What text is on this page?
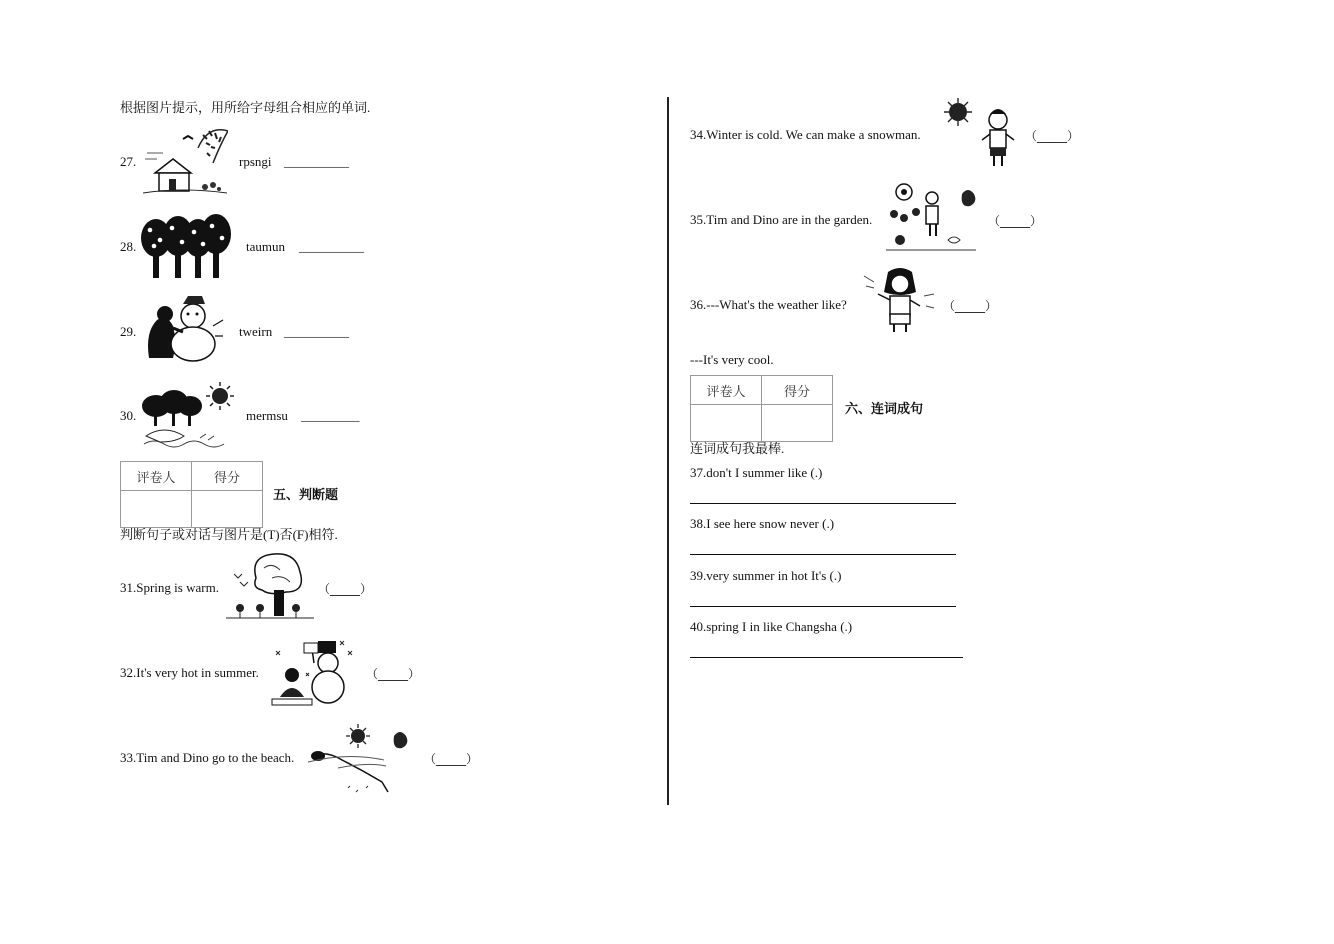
根据图片提示，用所给字母组合相应的单词.
27.	rpsngi __________
28.	taumun __________
29.	tweirn __________
30.	mermsu _________
评卷人	得分

五、判断题
判断句子或对话与图片是(T)否(F)相符.
31.Spring is warm.	（_____）
32.It's very hot in summer.	（_____）
33.Tim and Dino go to the beach.	（_____）
34.Winter is cold. We can make a snowman.	（_____）
35.Tim and Dino are in the garden.	（_____）
36.---What's the weather like?	（_____）
---It's very cool.
评卷人	得分

六、连词成句
连词成句我最棒.
37.don't I summer like (.)
38.I see here snow never (.)
39.very summer in hot It's (.)
40.spring I in like Changsha (.)
